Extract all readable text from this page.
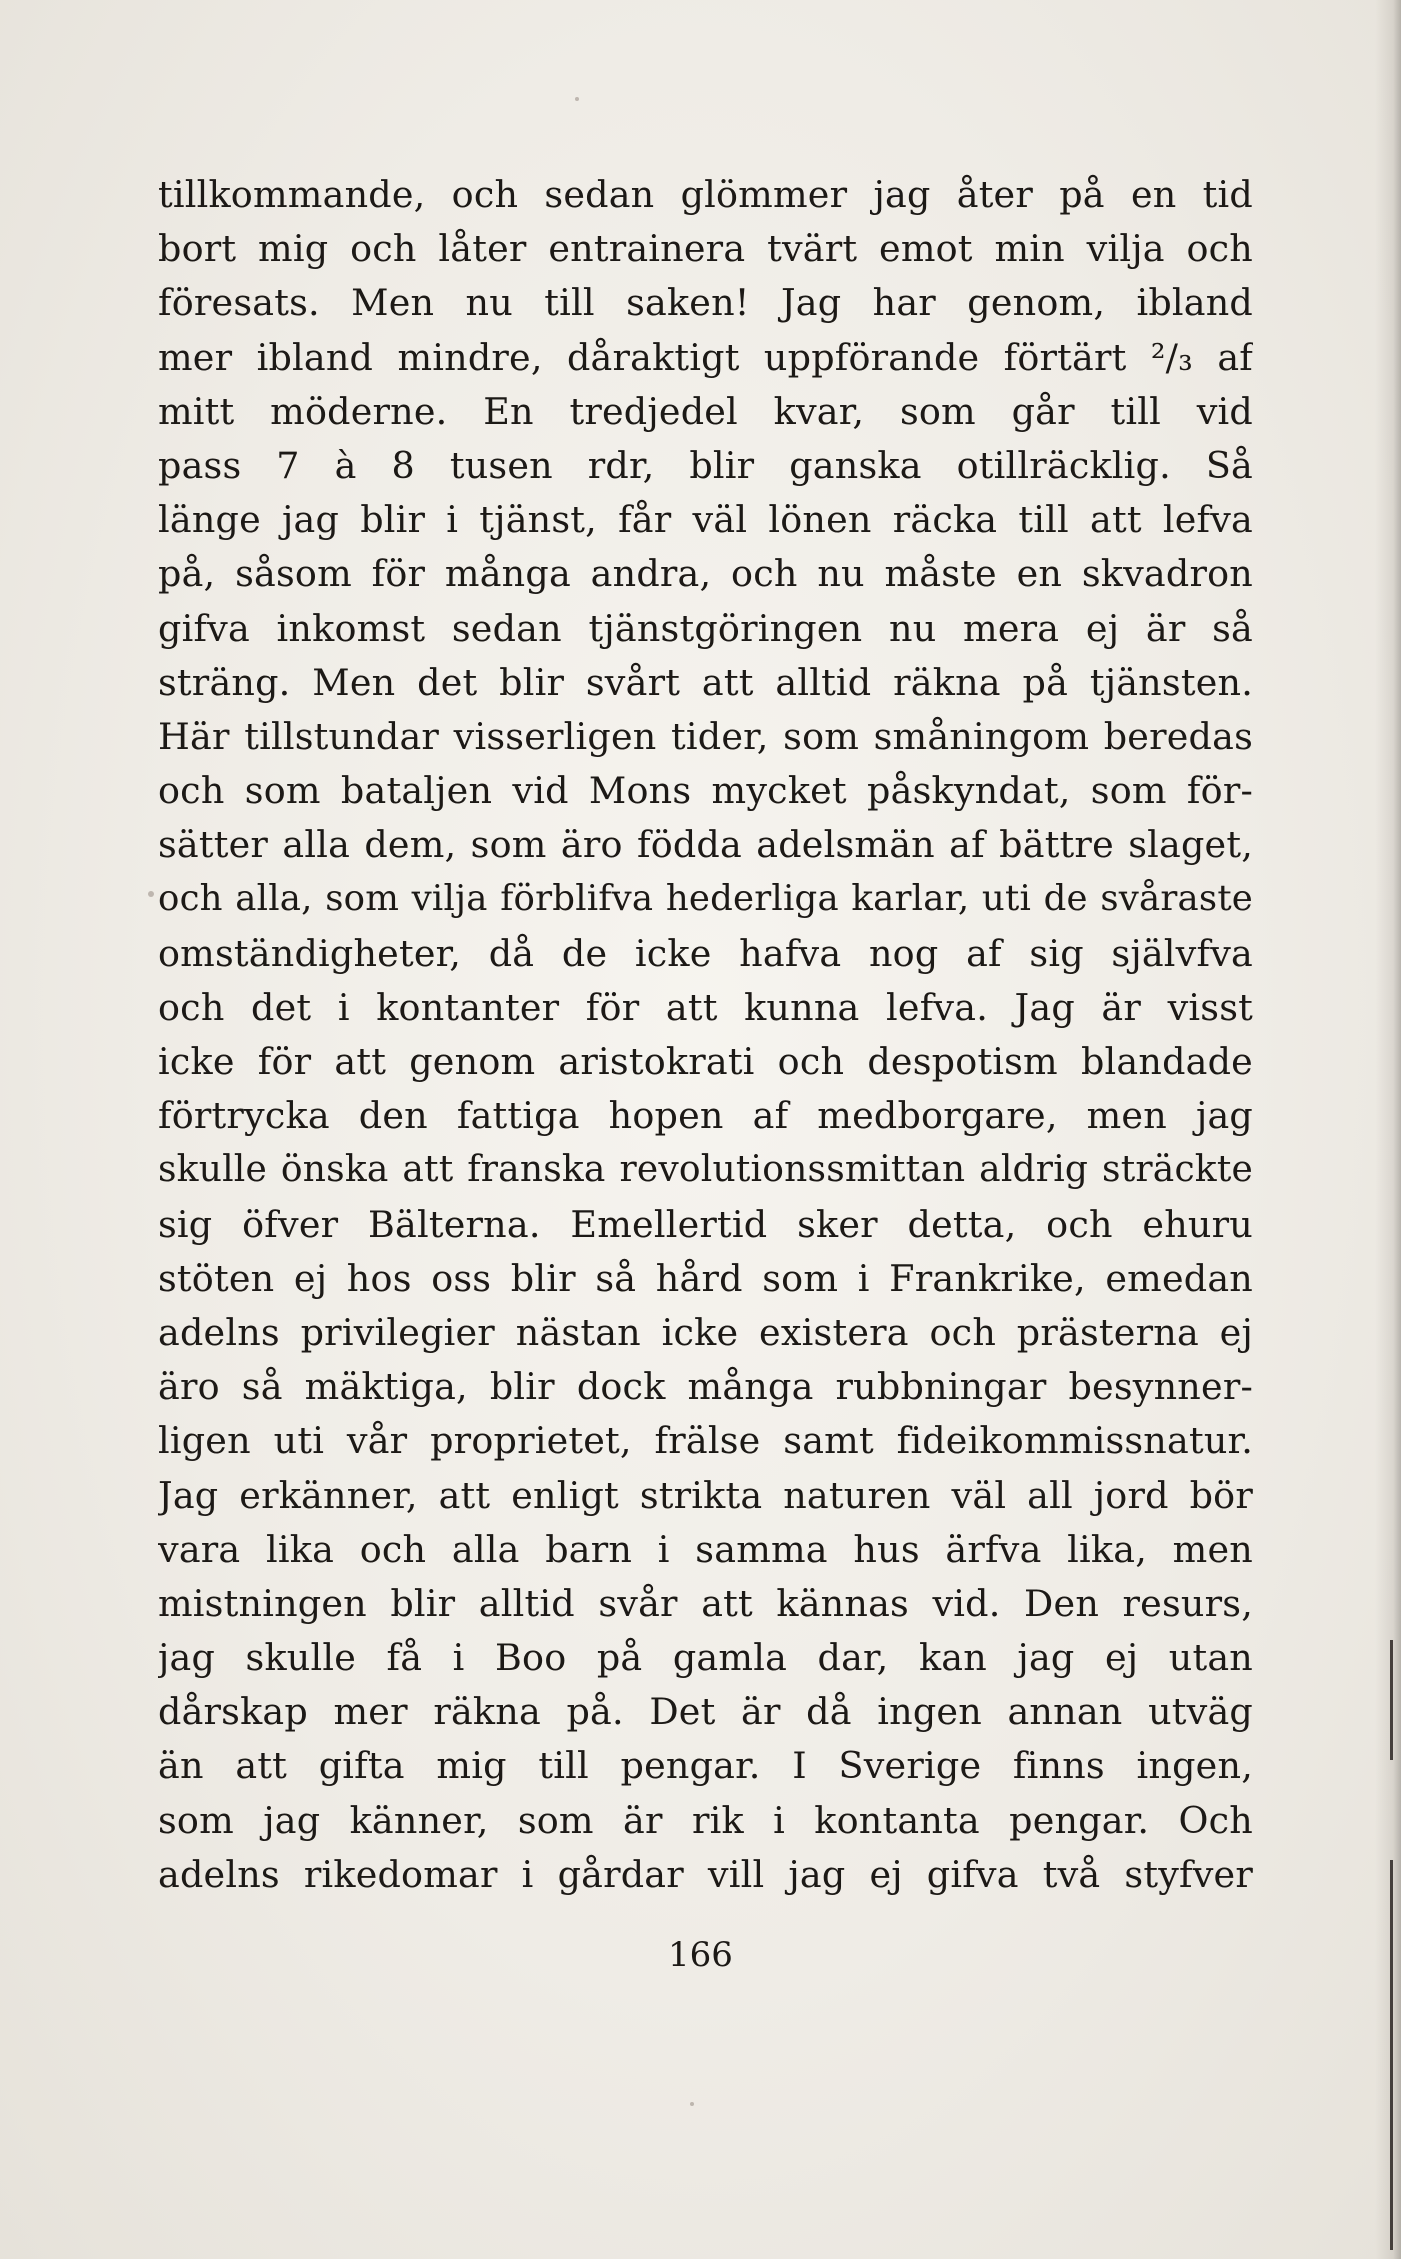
tillkommande, och sedan glömmer jag åter på en tid
bort mig och låter entrainera tvärt emot min vilja och
föresats. Men nu till saken! Jag har genom, ibland
mer ibland mindre, dåraktigt uppförande förtärt ²/₃ af
mitt möderne. En tredjedel kvar, som går till vid
pass 7 à 8 tusen rdr, blir ganska otillräcklig. Så
länge jag blir i tjänst, får väl lönen räcka till att lefva
på, såsom för många andra, och nu måste en skvadron
gifva inkomst sedan tjänstgöringen nu mera ej är så
sträng. Men det blir svårt att alltid räkna på tjänsten.
Här tillstundar visserligen tider, som småningom beredas
och som bataljen vid Mons mycket påskyndat, som för-
sätter alla dem, som äro födda adelsmän af bättre slaget,
och alla, som vilja förblifva hederliga karlar, uti de svåraste
omständigheter, då de icke hafva nog af sig självfva
och det i kontanter för att kunna lefva. Jag är visst
icke för att genom aristokrati och despotism blandade
förtrycka den fattiga hopen af medborgare, men jag
skulle önska att franska revolutionssmittan aldrig sträckte
sig öfver Bälterna. Emellertid sker detta, och ehuru
stöten ej hos oss blir så hård som i Frankrike, emedan
adelns privilegier nästan icke existera och prästerna ej
äro så mäktiga, blir dock många rubbningar besynner-
ligen uti vår proprietet, frälse samt fideikommissnatur.
Jag erkänner, att enligt strikta naturen väl all jord bör
vara lika och alla barn i samma hus ärfva lika, men
mistningen blir alltid svår att kännas vid. Den resurs,
jag skulle få i Boo på gamla dar, kan jag ej utan
dårskap mer räkna på. Det är då ingen annan utväg
än att gifta mig till pengar. I Sverige finns ingen,
som jag känner, som är rik i kontanta pengar. Och
adelns rikedomar i gårdar vill jag ej gifva två styfver
166
